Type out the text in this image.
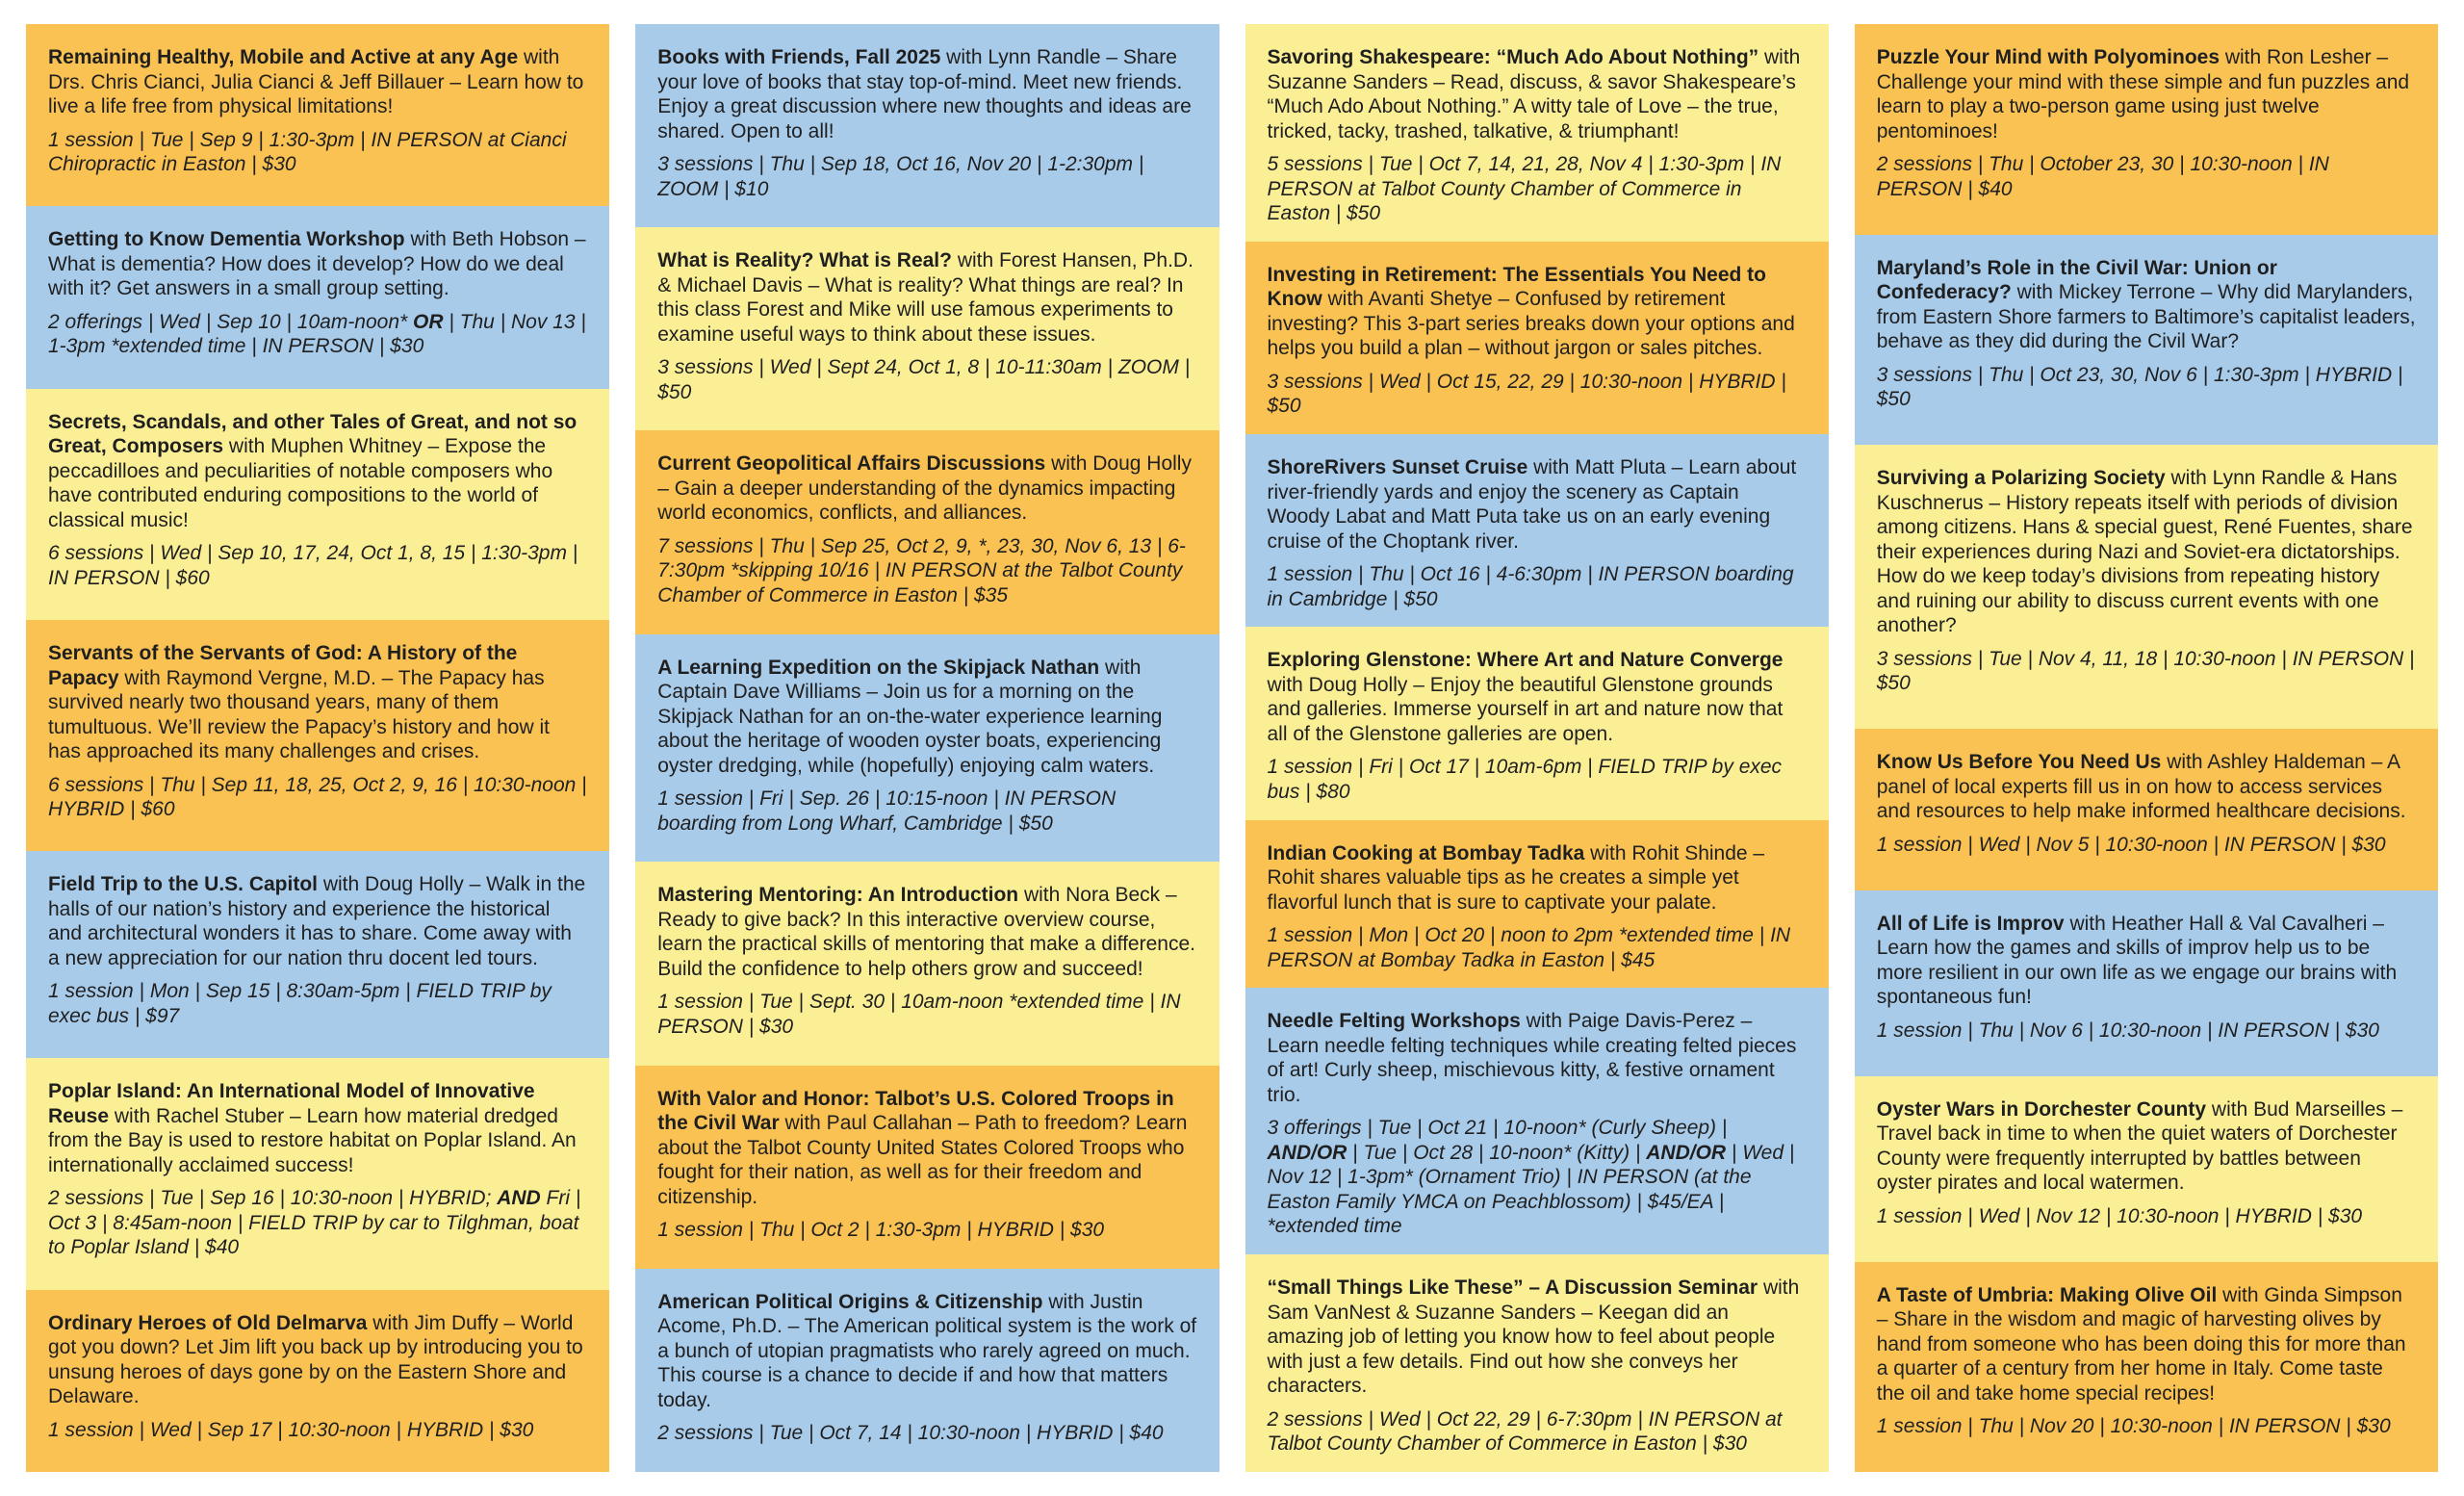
Remaining Healthy, Mobile and Active at any Age with Drs. Chris Cianci, Julia Cianci & Jeff Billauer – Learn how to live a life free from physical limitations!

1 session | Tue | Sep 9 | 1:30-3pm | IN PERSON at Cianci Chiropractic in Easton | $30

Getting to Know Dementia Workshop with Beth Hobson – What is dementia? How does it develop? How do we deal with it? Get answers in a small group setting.

2 offerings | Wed | Sep 10 | 10am-noon* OR | Thu | Nov 13 | 1-3pm *extended time | IN PERSON | $30

Secrets, Scandals, and other Tales of Great, and not so Great, Composers with Muphen Whitney – Expose the peccadilloes and peculiarities of notable composers who have contributed enduring compositions to the world of classical music!

6 sessions | Wed | Sep 10, 17, 24, Oct 1, 8, 15 | 1:30-3pm | IN PERSON | $60

Servants of the Servants of God: A History of the Papacy with Raymond Vergne, M.D. – The Papacy has survived nearly two thousand years, many of them tumultuous. We’ll review the Papacy’s history and how it has approached its many challenges and crises.

6 sessions | Thu | Sep 11, 18, 25, Oct 2, 9, 16 | 10:30-noon | HYBRID | $60

Field Trip to the U.S. Capitol with Doug Holly – Walk in the halls of our nation’s history and experience the historical and architectural wonders it has to share. Come away with a new appreciation for our nation thru docent led tours.

1 session | Mon | Sep 15 | 8:30am-5pm | FIELD TRIP by exec bus | $97

Poplar Island: An International Model of Innovative Reuse with Rachel Stuber – Learn how material dredged from the Bay is used to restore habitat on Poplar Island. An internationally acclaimed success!

2 sessions | Tue | Sep 16 | 10:30-noon | HYBRID; AND Fri | Oct 3 | 8:45am-noon | FIELD TRIP by car to Tilghman, boat to Poplar Island | $40

Ordinary Heroes of Old Delmarva with Jim Duffy – World got you down? Let Jim lift you back up by introducing you to unsung heroes of days gone by on the Eastern Shore and Delaware.

1 session | Wed | Sep 17 | 10:30-noon | HYBRID | $30

Books with Friends, Fall 2025 with Lynn Randle – Share your love of books that stay top-of-mind. Meet new friends. Enjoy a great discussion where new thoughts and ideas are shared. Open to all!

3 sessions | Thu | Sep 18, Oct 16, Nov 20 | 1-2:30pm | ZOOM | $10

What is Reality? What is Real? with Forest Hansen, Ph.D. & Michael Davis – What is reality? What things are real? In this class Forest and Mike will use famous experiments to examine useful ways to think about these issues.

3 sessions | Wed | Sept 24, Oct 1, 8 | 10-11:30am | ZOOM | $50

Current Geopolitical Affairs Discussions with Doug Holly – Gain a deeper understanding of the dynamics impacting world economics, conflicts, and alliances.

7 sessions | Thu | Sep 25, Oct 2, 9, *, 23, 30, Nov 6, 13 | 6-7:30pm *skipping 10/16 | IN PERSON at the Talbot County Chamber of Commerce in Easton | $35

A Learning Expedition on the Skipjack Nathan with Captain Dave Williams – Join us for a morning on the Skipjack Nathan for an on-the-water experience learning about the heritage of wooden oyster boats, experiencing oyster dredging, while (hopefully) enjoying calm waters.

1 session | Fri | Sep. 26 | 10:15-noon | IN PERSON boarding from Long Wharf, Cambridge | $50

Mastering Mentoring: An Introduction with Nora Beck – Ready to give back? In this interactive overview course, learn the practical skills of mentoring that make a difference. Build the confidence to help others grow and succeed!

1 session | Tue | Sept. 30 | 10am-noon *extended time | IN PERSON | $30

With Valor and Honor: Talbot’s U.S. Colored Troops in the Civil War with Paul Callahan – Path to freedom? Learn about the Talbot County United States Colored Troops who fought for their nation, as well as for their freedom and citizenship.

1 session | Thu | Oct 2 | 1:30-3pm | HYBRID | $30

American Political Origins & Citizenship with Justin Acome, Ph.D. – The American political system is the work of a bunch of utopian pragmatists who rarely agreed on much. This course is a chance to decide if and how that matters today.

2 sessions | Tue | Oct 7, 14 | 10:30-noon | HYBRID | $40

Savoring Shakespeare: “Much Ado About Nothing” with Suzanne Sanders – Read, discuss, & savor Shakespeare’s “Much Ado About Nothing.” A witty tale of Love – the true, tricked, tacky, trashed, talkative, & triumphant!

5 sessions | Tue | Oct 7, 14, 21, 28, Nov 4 | 1:30-3pm | IN PERSON at Talbot County Chamber of Commerce in Easton | $50

Investing in Retirement: The Essentials You Need to Know with Avanti Shetye – Confused by retirement investing? This 3-part series breaks down your options and helps you build a plan – without jargon or sales pitches.

3 sessions | Wed | Oct 15, 22, 29 | 10:30-noon | HYBRID | $50

ShoreRivers Sunset Cruise with Matt Pluta – Learn about river-friendly yards and enjoy the scenery as Captain Woody Labat and Matt Puta take us on an early evening cruise of the Choptank river.

1 session | Thu | Oct 16 | 4-6:30pm | IN PERSON boarding in Cambridge | $50

Exploring Glenstone: Where Art and Nature Converge with Doug Holly – Enjoy the beautiful Glenstone grounds and galleries. Immerse yourself in art and nature now that all of the Glenstone galleries are open.

1 session | Fri | Oct 17 | 10am-6pm | FIELD TRIP by exec bus | $80

Indian Cooking at Bombay Tadka with Rohit Shinde – Rohit shares valuable tips as he creates a simple yet flavorful lunch that is sure to captivate your palate.

1 session | Mon | Oct 20 | noon to 2pm *extended time | IN PERSON at Bombay Tadka in Easton | $45

Needle Felting Workshops with Paige Davis-Perez – Learn needle felting techniques while creating felted pieces of art! Curly sheep, mischievous kitty, & festive ornament trio.

3 offerings | Tue | Oct 21 | 10-noon* (Curly Sheep) | AND/OR | Tue | Oct 28 | 10-noon* (Kitty) | AND/OR | Wed | Nov 12 | 1-3pm* (Ornament Trio) | IN PERSON (at the Easton Family YMCA on Peachblossom) | $45/EA | *extended time

“Small Things Like These” – A Discussion Seminar with Sam VanNest & Suzanne Sanders – Keegan did an amazing job of letting you know how to feel about people with just a few details. Find out how she conveys her characters.

2 sessions | Wed | Oct 22, 29 | 6-7:30pm | IN PERSON at Talbot County Chamber of Commerce in Easton | $30

Puzzle Your Mind with Polyominoes with Ron Lesher – Challenge your mind with these simple and fun puzzles and learn to play a two-person game using just twelve pentominoes!

2 sessions | Thu | October 23, 30 | 10:30-noon | IN PERSON | $40

Maryland’s Role in the Civil War: Union or Confederacy? with Mickey Terrone – Why did Marylanders, from Eastern Shore farmers to Baltimore’s capitalist leaders, behave as they did during the Civil War?

3 sessions | Thu | Oct 23, 30, Nov 6 | 1:30-3pm | HYBRID | $50

Surviving a Polarizing Society with Lynn Randle & Hans Kuschnerus – History repeats itself with periods of division among citizens. Hans & special guest, René Fuentes, share their experiences during Nazi and Soviet-era dictatorships. How do we keep today’s divisions from repeating history and ruining our ability to discuss current events with one another?

3 sessions | Tue | Nov 4, 11, 18 | 10:30-noon | IN PERSON | $50

Know Us Before You Need Us with Ashley Haldeman – A panel of local experts fill us in on how to access services and resources to help make informed healthcare decisions.

1 session | Wed | Nov 5 | 10:30-noon | IN PERSON | $30

All of Life is Improv with Heather Hall & Val Cavalheri – Learn how the games and skills of improv help us to be more resilient in our own life as we engage our brains with spontaneous fun!

1 session | Thu | Nov 6 | 10:30-noon | IN PERSON | $30

Oyster Wars in Dorchester County with Bud Marseilles – Travel back in time to when the quiet waters of Dorchester County were frequently interrupted by battles between oyster pirates and local watermen.

1 session | Wed | Nov 12 | 10:30-noon | HYBRID | $30

A Taste of Umbria: Making Olive Oil with Ginda Simpson – Share in the wisdom and magic of harvesting olives by hand from someone who has been doing this for more than a quarter of a century from her home in Italy. Come taste the oil and take home special recipes!

1 session | Thu | Nov 20 | 10:30-noon | IN PERSON | $30
